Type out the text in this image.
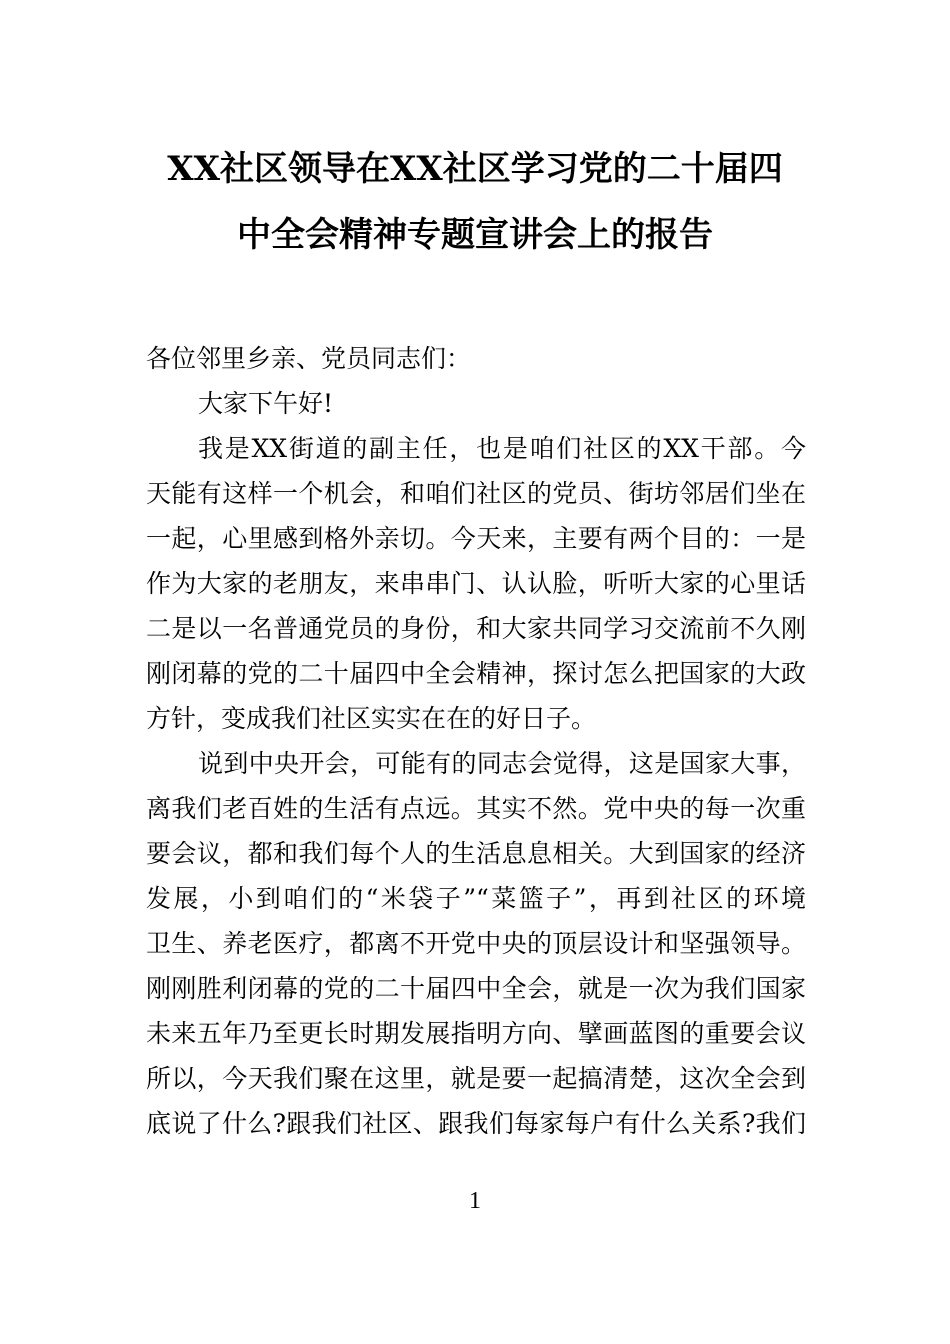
XX社区领导在XX社区学习党的二十届四
中全会精神专题宣讲会上的报告
各位邻里乡亲、党员同志们：
大家下午好!
我是XX街道的副主任，也是咱们社区的XX干部。今
天能有这样一个机会，和咱们社区的党员、街坊邻居们坐在
一起，心里感到格外亲切。今天来，主要有两个目的：一是
作为大家的老朋友，来串串门、认认脸，听听大家的心里话
二是以一名普通党员的身份，和大家共同学习交流前不久刚
刚闭幕的党的二十届四中全会精神，探讨怎么把国家的大政
方针，变成我们社区实实在在的好日子。
说到中央开会，可能有的同志会觉得，这是国家大事，
离我们老百姓的生活有点远。其实不然。党中央的每一次重
要会议，都和我们每个人的生活息息相关。大到国家的经济
发展，小到咱们的“米袋子”“菜篮子”，再到社区的环境
卫生、养老医疗，都离不开党中央的顶层设计和坚强领导。
刚刚胜利闭幕的党的二十届四中全会，就是一次为我们国家
未来五年乃至更长时期发展指明方向、擘画蓝图的重要会议
所以，今天我们聚在这里，就是要一起搞清楚，这次全会到
底说了什么?跟我们社区、跟我们每家每户有什么关系?我们
1
